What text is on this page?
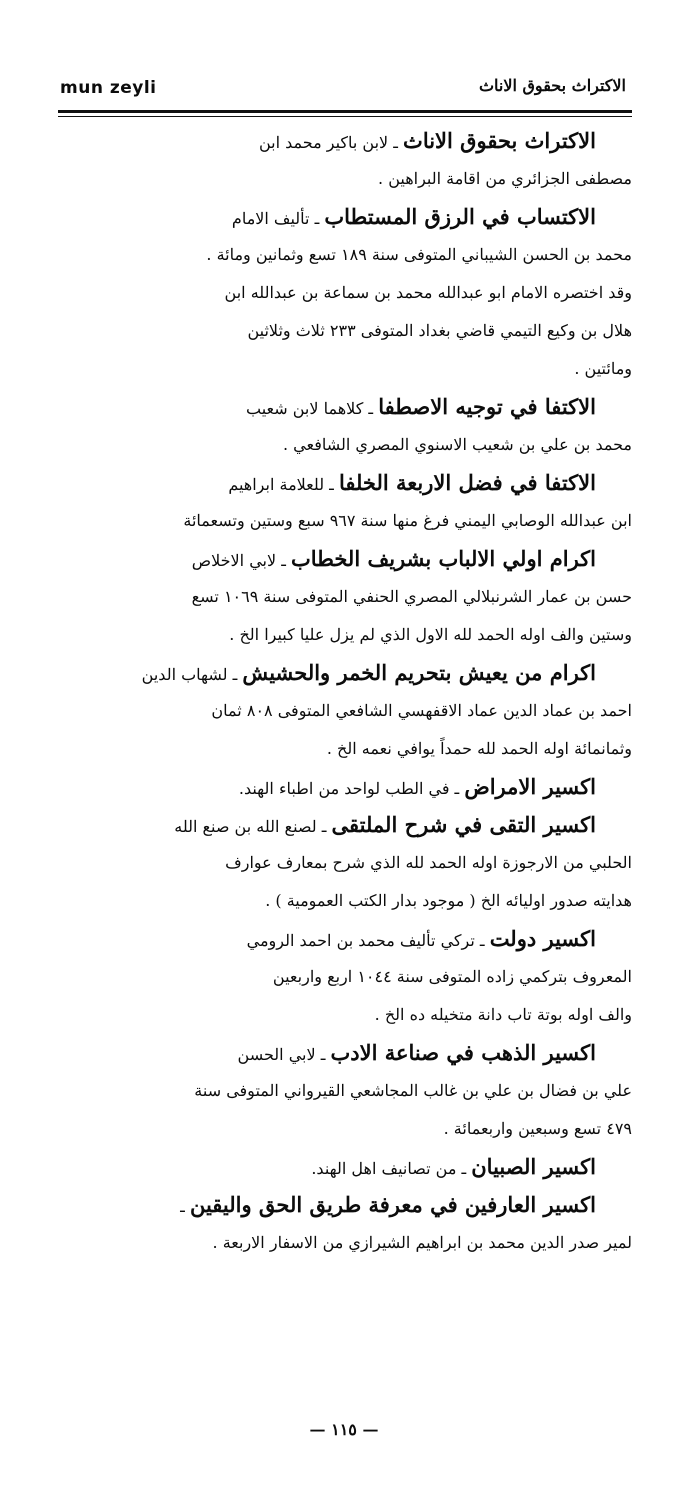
mun zeyli	الاكتراث بحقوق الاناث
الاكتراث بحقوق الاناث ـ لابن باكير محمد ابن
مصطفى الجزائري من اقامة البراهين .
الاكتساب في الرزق المستطاب ـ تأليف الامام
محمد بن الحسن الشيباني المتوفى سنة ١٨٩ تسع وثمانين ومائة .
وقد اختصره الامام ابو عبدالله محمد بن سماعة بن عبدالله ابن
هلال بن وكيع التيمي قاضي بغداد المتوفى ٢٣٣ ثلاث وثلاثين
ومائتين .
الاكتفا في توجيه الاصطفا ـ كلاهما لابن شعيب
محمد بن علي بن شعيب الاسنوي المصري الشافعي .
الاكتفا في فضل الاربعة الخلفا ـ للعلامة ابراهيم
ابن عبدالله الوصابي اليمني فرغ منها سنة ٩٦٧ سبع وستين وتسعمائة
اكرام اولي الالباب بشريف الخطاب ـ لابي الاخلاص
حسن بن عمار الشرنبلالي المصري الحنفي المتوفى سنة ١٠٦٩ تسع
وستين والف اوله الحمد لله الاول الذي لم يزل عليا كبيرا الخ .
اكرام من يعيش بتحريم الخمر والحشيش ـ لشهاب الدين
احمد بن عماد الدين عماد الاقفهسي الشافعي المتوفى ٨٠٨ ثمان
وثمانمائة اوله الحمد لله حمداً يوافي نعمه الخ .
اكسير الامراض ـ في الطب لواحد من اطباء الهند.
اكسير التقى في شرح الملتقى ـ لصنع الله بن صنع الله
الحلبي من الارجوزة اوله الحمد لله الذي شرح بمعارف عوارف
هدايته صدور اوليائه الخ ( موجود بدار الكتب العمومية ) .
اكسير دولت ـ تركي تأليف محمد بن احمد الرومي
المعروف بتركمي زاده المتوفى سنة ١٠٤٤ اربع واربعين
والف اوله بوتة تاب دانة متخيله ده الخ .
اكسير الذهب في صناعة الادب ـ لابي الحسن
علي بن فضال بن علي بن غالب المجاشعي القيرواني المتوفى سنة
٤٧٩ تسع وسبعين واربعمائة .
اكسير الصبيان ـ من تصانيف اهل الهند.
اكسير العارفين في معرفة طريق الحق واليقين ـ
لمير صدر الدين محمد بن ابراهيم الشيرازي من الاسفار الاربعة .
— ١١٥ —
